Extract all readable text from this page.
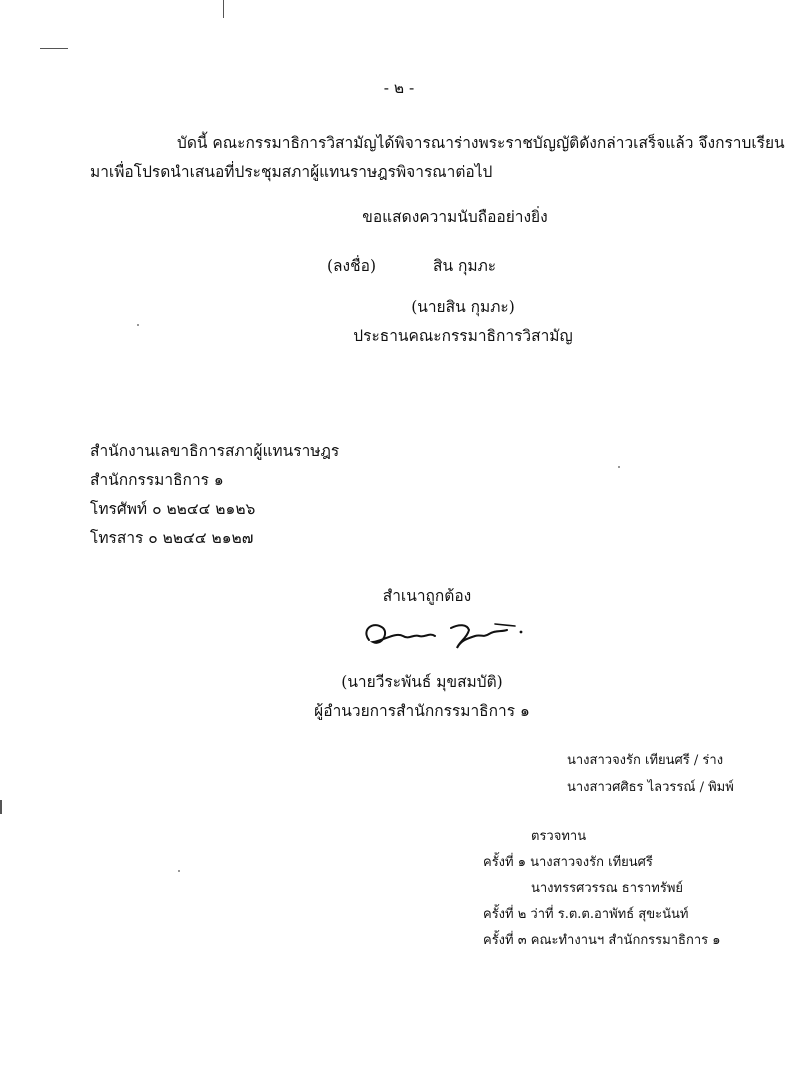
- ๒ -
บัดนี้ คณะกรรมาธิการวิสามัญได้พิจารณาร่างพระราชบัญญัติดังกล่าวเสร็จแล้ว จึงกราบเรียน
มาเพื่อโปรดนำเสนอที่ประชุมสภาผู้แทนราษฎรพิจารณาต่อไป
ขอแสดงความนับถืออย่างยิ่ง
(ลงชื่อ)	สิน กุมภะ
(นายสิน กุมภะ)
ประธานคณะกรรมาธิการวิสามัญ
สำนักงานเลขาธิการสภาผู้แทนราษฎร
สำนักกรรมาธิการ ๑
โทรศัพท์ ๐ ๒๒๔๔ ๒๑๒๖
โทรสาร ๐ ๒๒๔๔ ๒๑๒๗
สำเนาถูกต้อง
(นายวีระพันธ์ มุขสมบัติ)
ผู้อำนวยการสำนักกรรมาธิการ ๑
นางสาวจงรัก เทียนศรี / ร่าง
นางสาวศศิธร ไลวรรณ์ / พิมพ์
ตรวจทาน
ครั้งที่ ๑ นางสาวจงรัก เทียนศรี
นางทรรศวรรณ ธาราทรัพย์
ครั้งที่ ๒ ว่าที่ ร.ต.ต.อาพัทธ์ สุขะนันท์
ครั้งที่ ๓ คณะทำงานฯ สำนักกรรมาธิการ ๑
